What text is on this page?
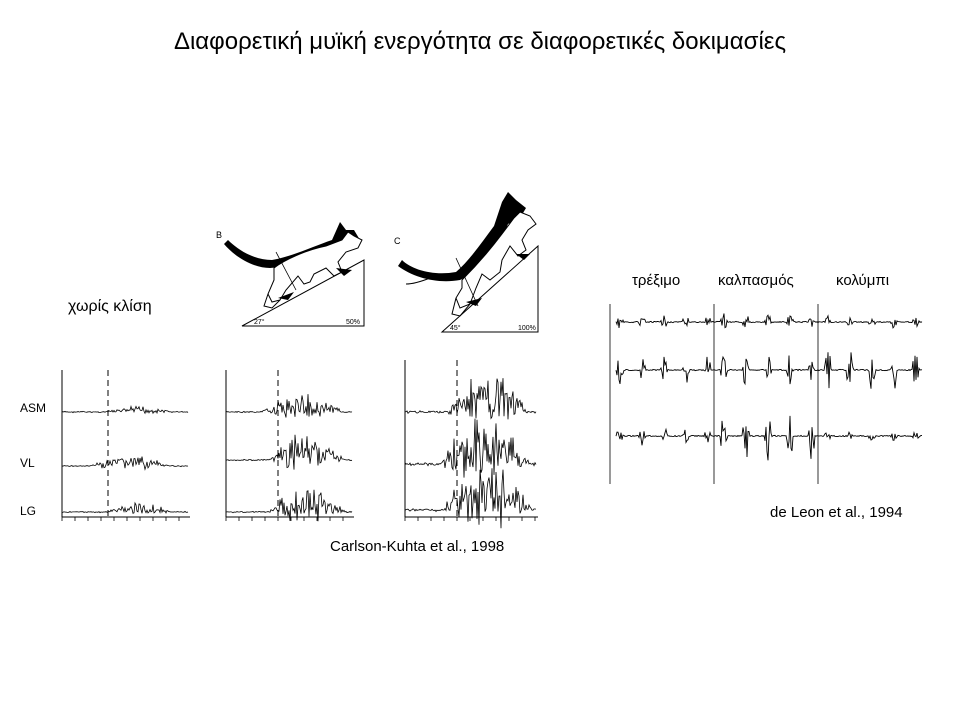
Διαφορετική μυϊκή ενεργότητα σε διαφορετικές δοκιμασίες
χωρίς κλίση
B
27°	50%
C
45°	100%
ASM
VL
LG
Carlson-Kuhta et al., 1998
τρέξιμο	καλπασμός	κολύμπι
de Leon et al., 1994
